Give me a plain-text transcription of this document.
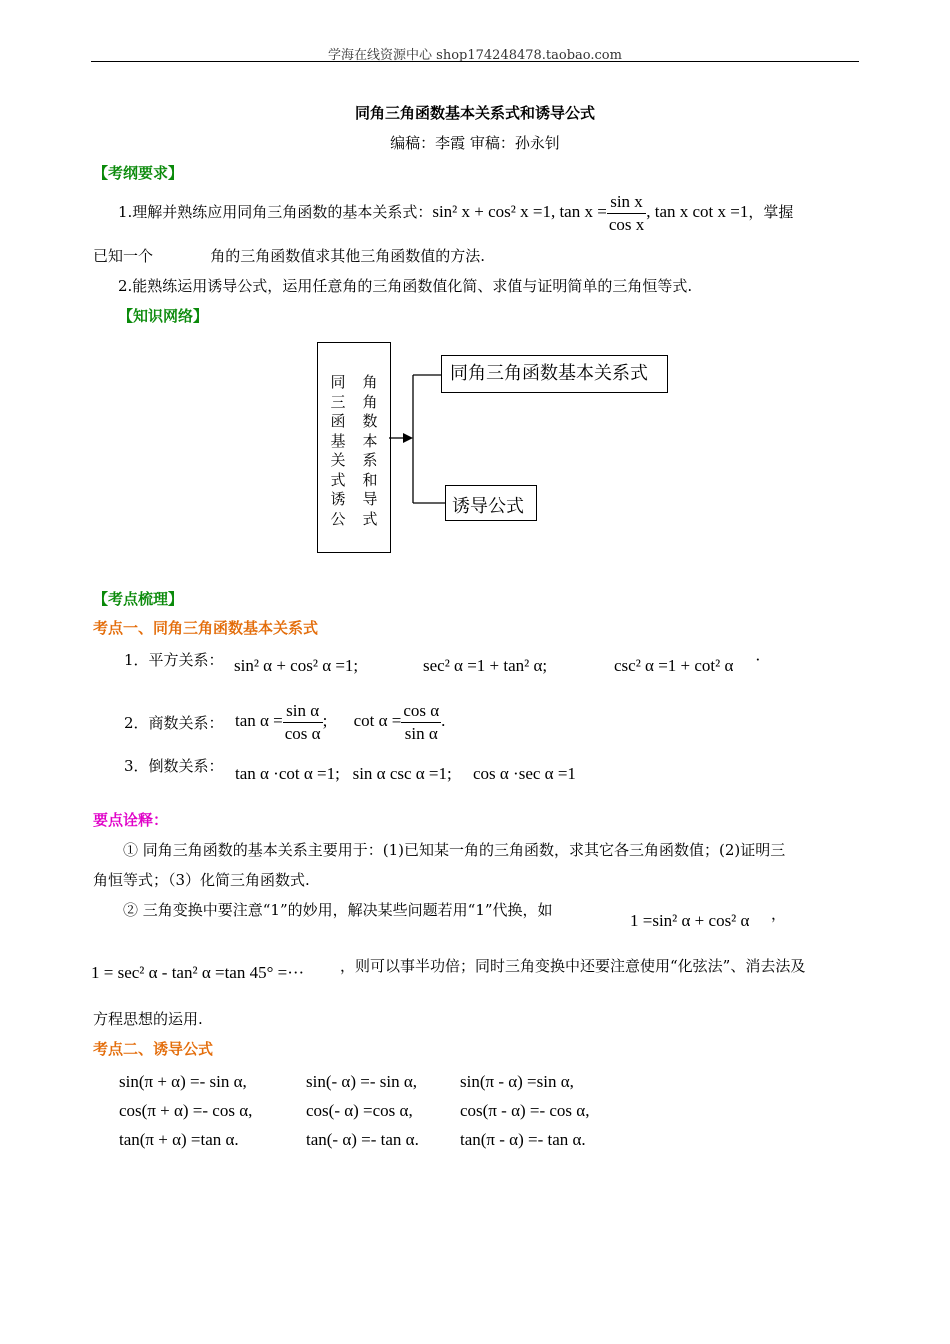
学海在线资源中心 shop174248478.taobao.com
同角三角函数基本关系式和诱导公式
编稿：李霞 审稿：孙永钊
【考纲要求】
1.理解并熟练应用同角三角函数的基本关系式：sin² x + cos² x =1, $\tan x = \frac{\text{sin x}}{\text{cos x}}$ , tan x cot x =1，掌握
已知一个            角的三角函数值求其他三角函数值的方法.
2.能熟练运用诱导公式，运用任意角的三角函数值化简、求值与证明简单的三角恒等式.
【知识网络】
同三函基关式诱公
角角数本系和导式
同角三角函数基本关系式
诱导公式
【考点梳理】
考点一、同角三角函数基本关系式
1．平方关系： sin² α + cos² α =1;	sec² α =1 + tan² α;	csc² α =1 + cot² α ·
2．商数关系： $\tan \alpha = \frac{\text{sin α}}{\text{cos α}}$ ; $\cot \alpha = \frac{\text{cos α}}{\text{sin α}}$ .
3．倒数关系： tan α ·cot α =1;   sin α csc α =1;     cos α ·sec α =1
要点诠释：
① 同角三角函数的基本关系主要用于：(1)已知某一角的三角函数，求其它各三角函数值；(2)证明三
角恒等式；（3）化简三角函数式.
② 三角变换中要注意“1”的妙用，解决某些问题若用“1”代换，如
1 =sin² α + cos² α ，
1 = sec² α - tan² α =tan 45° =··· ，则可以事半功倍；同时三角变换中还要注意使用“化弦法”、消去法及
方程思想的运用.
考点二、诱导公式
sin(π + α) =- sin α,	sin(- α) =- sin α,	sin(π - α) =sin α,
cos(π + α) =- cos α,	cos(- α) =cos α,	cos(π - α) =- cos α,
tan(π + α) =tan α.	tan(- α) =- tan α. tan(π - α) =- tan α.
